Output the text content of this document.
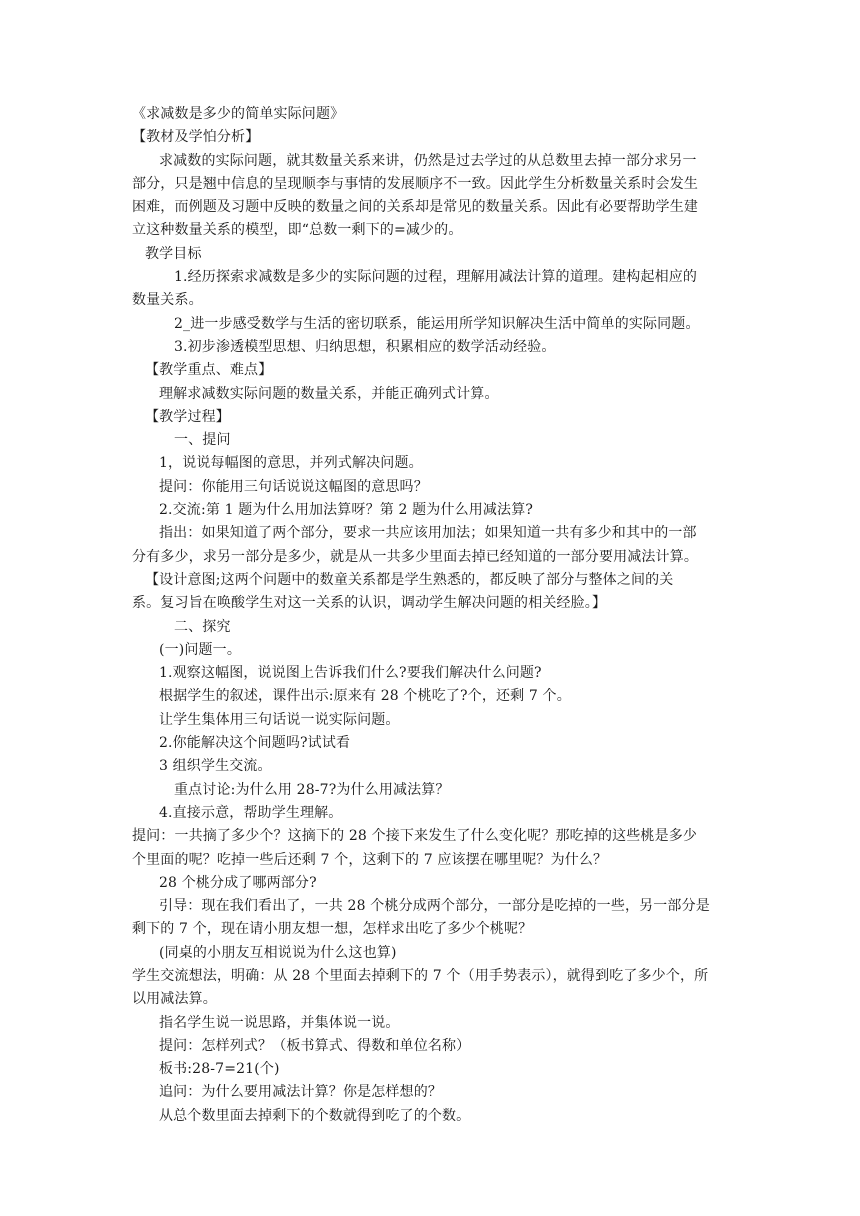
《求减数是多少的简单实际问题》
【教材及学怕分析】
求减数的实际问题，就其数量关系来讲，仍然是过去学过的从总数里去掉一部分求另一
部分，只是翘中信息的呈现顺李与事情的发展顺序不一致。因此学生分析数量关系时会发生
困难，而例题及习题中反映的数量之间的关系却是常见的数量关系。因此有必要帮助学生建
立这种数量关系的模型，即“总数一剩下的=减少的。
教学目标
1.经历探索求减数是多少的实际问题的过程，理解用减法计算的道理。建构起相应的
数量关系。
2_进一步感受数学与生活的密切联系，能运用所学知识解决生活中简单的实际同题。
3.初步渗透模型思想、归纳思想，积累相应的数学活动经验。
【教学重点、难点】
理解求减数实际问题的数量关系，并能正确列式计算。
【教学过程】
一、提问
1，说说每幅图的意思，并列式解决问题。
提问：你能用三句话说说这幅图的意思吗？
2.交流:第 1 题为什么用加法算呀？第 2 题为什么用减法算?
指出：如果知道了两个部分，要求一共应该用加法；如果知道一共有多少和其中的一部
分有多少，求另一部分是多少，就是从一共多少里面去掉已经知道的一部分要用减法计算。
【设计意图;这两个问题中的数童关系都是学生熟悉的，都反映了部分与整体之间的关
系。复习旨在唤酸学生对这一关系的认识，调动学生解决问题的相关经脸。】
二、探究
(一)问题一。
1.观察这幅图，说说图上告诉我们什么?要我们解决什么问题?
根据学生的叙述，课件出示:原来有 28 个桃吃了?个，还剩 7 个。
让学生集体用三句话说一说实际问题。
2.你能解决这个间题吗?试试看
3 组织学生交流。
重点讨论:为什么用 28-7?为什么用减法算？
4.直接示意，帮助学生理解。
提问：一共摘了多少个？这摘下的 28 个接下来发生了什么变化呢？那吃掉的这些桃是多少
个里面的呢？吃掉一些后还剩 7 个，这剩下的 7 应该摆在哪里呢？为什么？
28 个桃分成了哪两部分?
引导：现在我们看出了，一共 28 个桃分成两个部分，一部分是吃掉的一些，另一部分是
剩下的 7 个，现在请小朋友想一想，怎样求出吃了多少个桃呢？
(同桌的小朋友互相说说为什么这也算)
学生交流想法，明确：从 28 个里面去掉剩下的 7 个（用手势表示），就得到吃了多少个，所
以用减法算。
指名学生说一说思路，并集体说一说。
提问：怎样列式？（板书算式、得数和单位名称）
板书:28-7=21(个)
追问：为什么要用减法计算？你是怎样想的？
从总个数里面去掉剩下的个数就得到吃了的个数。
